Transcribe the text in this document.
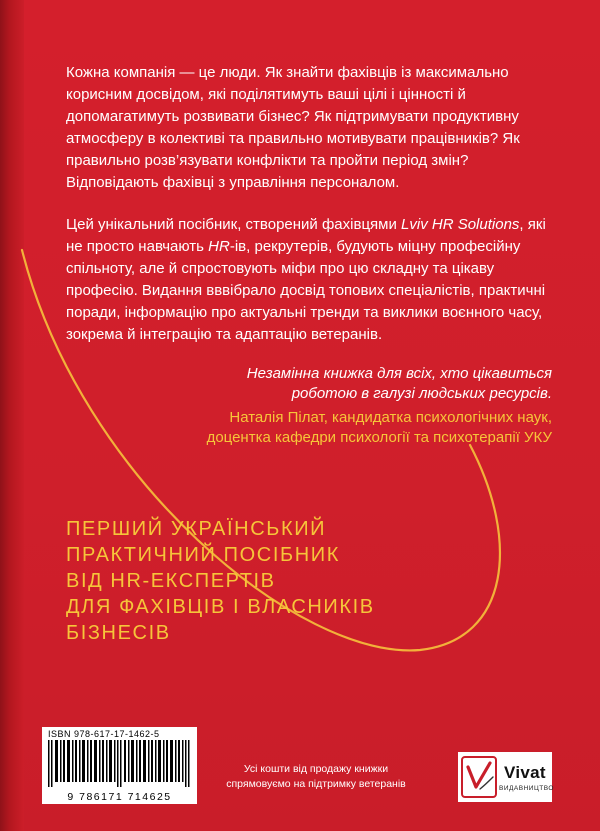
Кожна компанія — це люди. Як знайти фахівців із максимально корисним досвідом, які поділятимуть ваші цілі і цінності й допомагатимуть розвивати бізнес? Як підтримувати продуктивну атмосферу в колективі та правильно мотивувати працівників? Як правильно розв’язувати конфлікти та пройти період змін? Відповідають фахівці з управління персоналом.

Цей унікальний посібник, створений фахівцями Lviv HR Solutions, які не просто навчають HR-ів, рекрутерів, будують міцну професійну спільноту, але й спростовують міфи про цю складну та цікаву професію. Видання вввібрало досвід топових спеціалістів, практичні поради, інформацію про актуальні тренди та виклики воєнного часу, зокрема й інтеграцію та адаптацію ветеранів.

Незамінна книжка для всіх, хто цікавиться
роботою в галузі людських ресурсів.
Наталія Пілат, кандидатка психологічних наук,
доцентка кафедри психології та психотерапії УКУ
ПЕРШИЙ УКРАЇНСЬКИЙ
ПРАКТИЧНИЙ ПОСІБНИК
ВІД HR-ЕКСПЕРТІВ
ДЛЯ ФАХІВЦІВ І ВЛАСНИКІВ
БІЗНЕСІВ
ISBN 978-617-17-1462-5
9 786171 714625
Усі кошти від продажу книжки
спрямовуємо на підтримку ветеранів
Vivat
ВИДАВНИЦТВО
